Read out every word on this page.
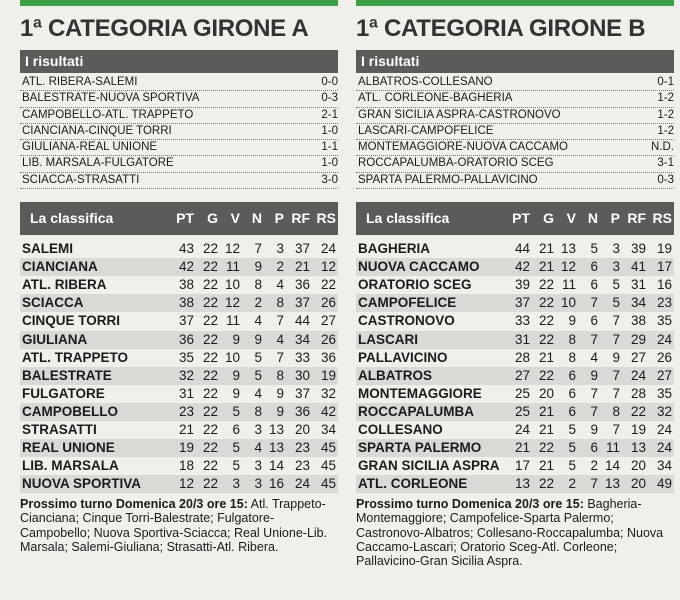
1ª CATEGORIA GIRONE A
I risultati
ATL. RIBERA-SALEMI	0-0
BALESTRATE-NUOVA SPORTIVA	0-3
CAMPOBELLO-ATL. TRAPPETO	2-1
CIANCIANA-CINQUE TORRI	1-0
GIULIANA-REAL UNIONE	1-1
LIB. MARSALA-FULGATORE	1-0
SCIACCA-STRASATTI	3-0
La classifica	PT G V N P RF RS
SALEMI	43 22 12	7	3 37 24
CIANCIANA	42 22 11	9	2 21 12
ATL. RIBERA	38 22 10	8	4 36 22
SCIACCA	38 22 12	2	8 37 26
CINQUE TORRI	37 22 11	4	7 44 27
GIULIANA	36 22	9	9	4 34 26
ATL. TRAPPETO	35 22 10	5	7 33 36
BALESTRATE	32 22	9	5	8 30 19
FULGATORE	31 22	9	4	9 37 32
CAMPOBELLO	23 22	5	8	9 36 42
STRASATTI	21 22	6	3 13 20 34
REAL UNIONE	19 22	5	4 13 23 45
LIB. MARSALA	18 22	5	3 14 23 45
NUOVA SPORTIVA	12 22	3	3 16 24 45
Prossimo turno Domenica 20/3 ore 15: Atl. Trappeto-Cianciana; Cinque Torri-Balestrate; Fulgatore-Campobello; Nuova Sportiva-Sciacca; Real Unione-Lib. Marsala; Salemi-Giuliana; Strasatti-Atl. Ribera.
1ª CATEGORIA GIRONE B
I risultati
ALBATROS-COLLESANO	0-1
ATL. CORLEONE-BAGHERIA	1-2
GRAN SICILIA ASPRA-CASTRONOVO	1-2
LASCARI-CAMPOFELICE	1-2
MONTEMAGGIORE-NUOVA CACCAMO	N.D.
ROCCAPALUMBA-ORATORIO SCEG	3-1
SPARTA PALERMO-PALLAVICINO	0-3
La classifica	PT G V N P RF RS
BAGHERIA	44 21 13	5	3 39 19
NUOVA CACCAMO	42 21 12	6	3 41 17
ORATORIO SCEG	39 22 11	6	5 31 16
CAMPOFELICE	37 22 10	7	5 34 23
CASTRONOVO	33 22	9	6	7 38 35
LASCARI	31 22	8	7	7 29 24
PALLAVICINO	28 21	8	4	9 27 26
ALBATROS	27 22	6	9	7 24 27
MONTEMAGGIORE	25 20	6	7	7 28 35
ROCCAPALUMBA	25 21	6	7	8 22 32
COLLESANO	24 21	5	9	7 19 24
SPARTA PALERMO	21 22	5	6 11 13 24
GRAN SICILIA ASPRA	17 21	5	2 14 20 34
ATL. CORLEONE	13 22	2	7 13 20 49
Prossimo turno Domenica 20/3 ore 15: Bagheria-Montemaggiore; Campofelice-Sparta Palermo; Castronovo-Albatros; Collesano-Roccapalumba; Nuova Caccamo-Lascari; Oratorio Sceg-Atl. Corleone; Pallavicino-Gran Sicilia Aspra.
